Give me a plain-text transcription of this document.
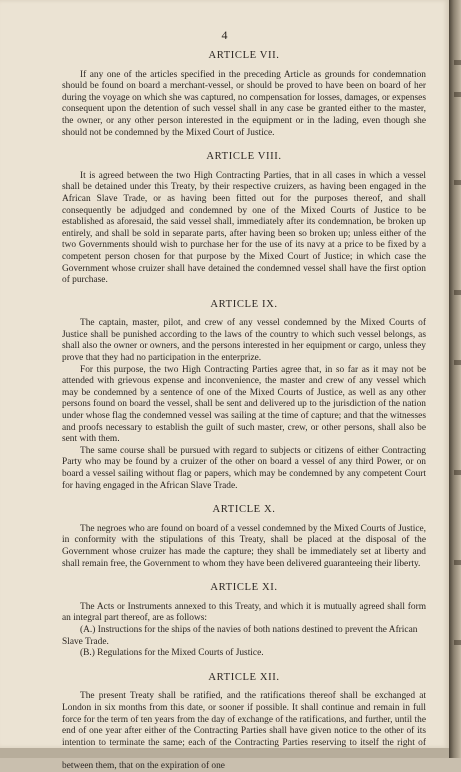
4
ARTICLE VII.

If any one of the articles specified in the preceding Article as grounds for condemnation should be found on board a merchant-vessel, or should be proved to have been on board of her during the voyage on which she was captured, no compensation for losses, damages, or expenses consequent upon the detention of such vessel shall in any case be granted either to the master, the owner, or any other person interested in the equipment or in the lading, even though she should not be condemned by the Mixed Court of Justice.

ARTICLE VIII.

It is agreed between the two High Contracting Parties, that in all cases in which a vessel shall be detained under this Treaty, by their respective cruizers, as having been engaged in the African Slave Trade, or as having been fitted out for the purposes thereof, and shall consequently be adjudged and condemned by one of the Mixed Courts of Justice to be established as aforesaid, the said vessel shall, immediately after its condemnation, be broken up entirely, and shall be sold in separate parts, after having been so broken up; unless either of the two Governments should wish to purchase her for the use of its navy at a price to be fixed by a competent person chosen for that purpose by the Mixed Court of Justice; in which case the Government whose cruizer shall have detained the condemned vessel shall have the first option of purchase.

ARTICLE IX.

The captain, master, pilot, and crew of any vessel condemned by the Mixed Courts of Justice shall be punished according to the laws of the country to which such vessel belongs, as shall also the owner or owners, and the persons interested in her equipment or cargo, unless they prove that they had no participation in the enterprize.

For this purpose, the two High Contracting Parties agree that, in so far as it may not be attended with grievous expense and inconvenience, the master and crew of any vessel which may be condemned by a sentence of one of the Mixed Courts of Justice, as well as any other persons found on board the vessel, shall be sent and delivered up to the jurisdiction of the nation under whose flag the condemned vessel was sailing at the time of capture; and that the witnesses and proofs necessary to establish the guilt of such master, crew, or other persons, shall also be sent with them.

The same course shall be pursued with regard to subjects or citizens of either Contracting Party who may be found by a cruizer of the other on board a vessel of any third Power, or on board a vessel sailing without flag or papers, which may be condemned by any competent Court for having engaged in the African Slave Trade.

ARTICLE X.

The negroes who are found on board of a vessel condemned by the Mixed Courts of Justice, in conformity with the stipulations of this Treaty, shall be placed at the disposal of the Government whose cruizer has made the capture; they shall be immediately set at liberty and shall remain free, the Government to whom they have been delivered guaranteeing their liberty.

ARTICLE XI.

The Acts or Instruments annexed to this Treaty, and which it is mutually agreed shall form an integral part thereof, are as follows:

(A.) Instructions for the ships of the navies of both nations destined to prevent the African Slave Trade.

(B.) Regulations for the Mixed Courts of Justice.

ARTICLE XII.

The present Treaty shall be ratified, and the ratifications thereof shall be exchanged at London in six months from this date, or sooner if possible. It shall continue and remain in full force for the term of ten years from the day of exchange of the ratifications, and further, until the end of one year after either of the Contracting Parties shall have given notice to the other of its intention to terminate the same; each of the Contracting Parties reserving to itself the right of between them, that on the expiration of one
